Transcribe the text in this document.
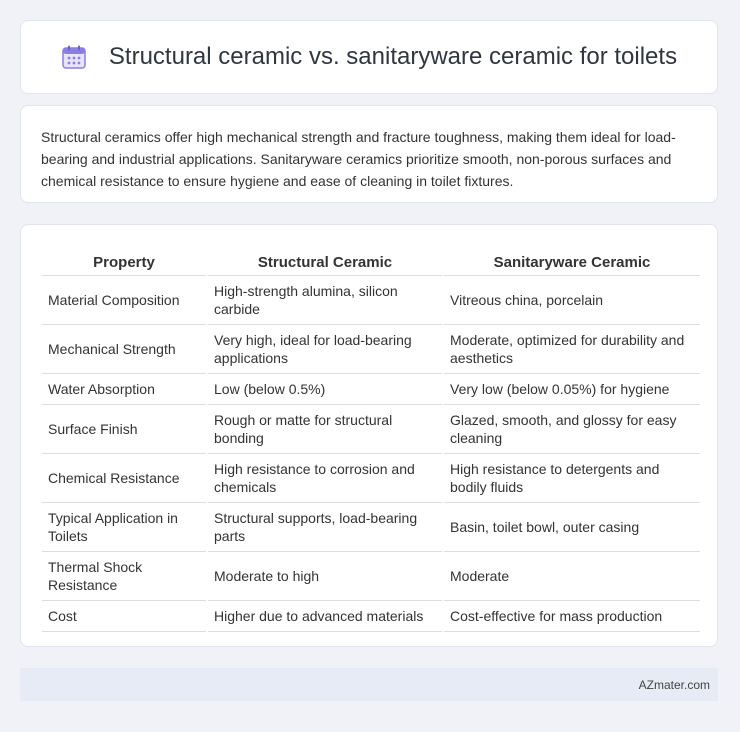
Structural ceramic vs. sanitaryware ceramic for toilets

Structural ceramics offer high mechanical strength and fracture toughness, making them ideal for load-bearing and industrial applications. Sanitaryware ceramics prioritize smooth, non-porous surfaces and chemical resistance to ensure hygiene and ease of cleaning in toilet fixtures.

Property	Structural Ceramic	Sanitaryware Ceramic
Material Composition	High-strength alumina, silicon carbide	Vitreous china, porcelain
Mechanical Strength	Very high, ideal for load-bearing applications	Moderate, optimized for durability and aesthetics
Water Absorption	Low (below 0.5%)	Very low (below 0.05%) for hygiene
Surface Finish	Rough or matte for structural bonding	Glazed, smooth, and glossy for easy cleaning
Chemical Resistance	High resistance to corrosion and chemicals	High resistance to detergents and bodily fluids
Typical Application in Toilets	Structural supports, load-bearing parts	Basin, toilet bowl, outer casing
Thermal Shock Resistance	Moderate to high	Moderate
Cost	Higher due to advanced materials	Cost-effective for mass production
AZmater.com
